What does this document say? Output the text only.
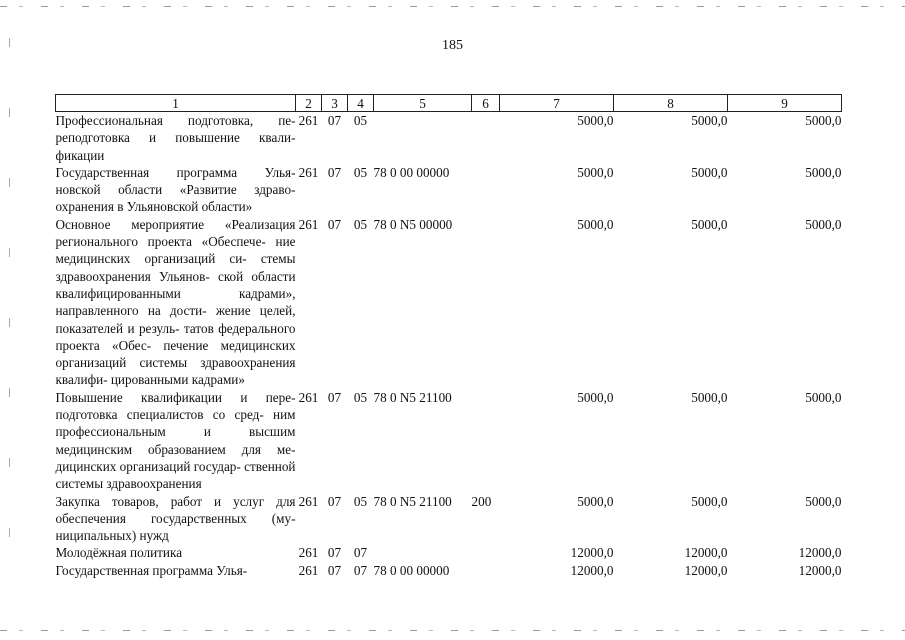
185
1	2	3	4	5	6	7	8	9
Профессиональная подготовка, пе- реподготовка и повышение квали- фикации	261	07	05			5000,0	5000,0	5000,0
Государственная программа Улья- новской области «Развитие здраво- охранения в Ульяновской области»	261	07	05	78 0 00 00000		5000,0	5000,0	5000,0
Основное мероприятие «Реализация регионального проекта «Обеспече- ние медицинских организаций си- стемы здравоохранения Ульянов- ской области квалифицированными кадрами», направленного на дости- жение целей, показателей и резуль- татов федерального проекта «Обес- печение медицинских организаций системы здравоохранения квалифи- цированными кадрами»	261	07	05	78 0 N5 00000		5000,0	5000,0	5000,0
Повышение квалификации и пере- подготовка специалистов со сред- ним профессиональным и высшим медицинским образованием для ме- дицинских организаций государ- ственной системы здравоохранения	261	07	05	78 0 N5 21100		5000,0	5000,0	5000,0
Закупка товаров, работ и услуг для обеспечения государственных (му- ниципальных) нужд	261	07	05	78 0 N5 21100	200	5000,0	5000,0	5000,0
Молодёжная политика	261	07	07			12000,0	12000,0	12000,0
Государственная программа Улья-	261	07	07	78 0 00 00000		12000,0	12000,0	12000,0
